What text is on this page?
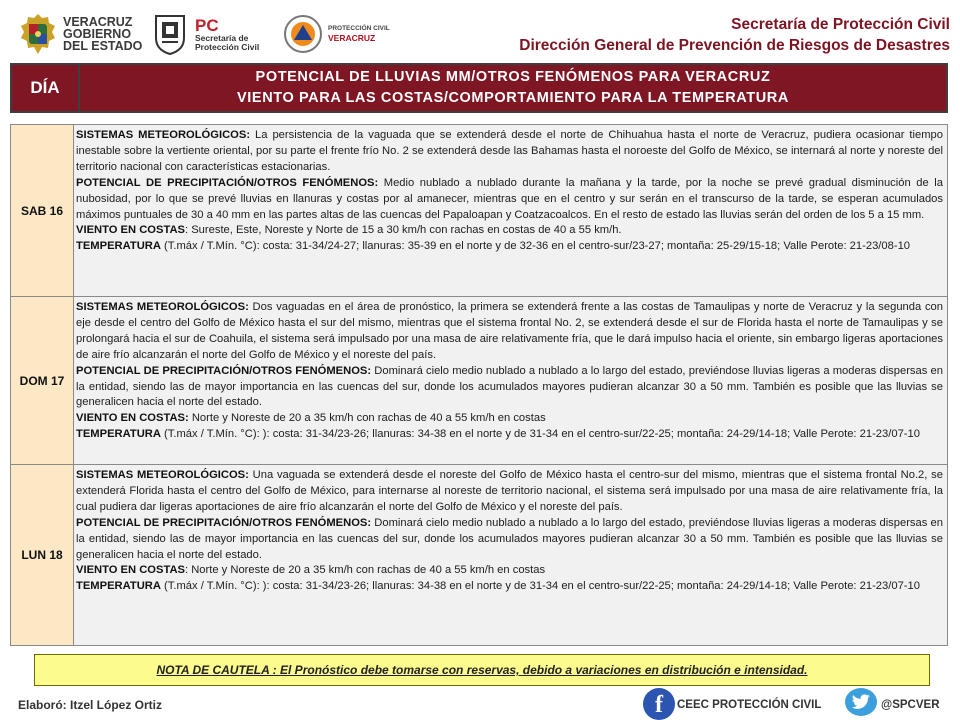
VERACRUZ
GOBIERNO
DEL ESTADO
PC
Secretaría de
Protección Civil
PROTECCIÓN CIVIL
VERACRUZ
Secretaría de Protección Civil
Dirección General de Prevención de Riesgos de Desastres
DÍA
POTENCIAL DE LLUVIAS MM/OTROS FENÓMENOS PARA VERACRUZ
VIENTO PARA LAS COSTAS/COMPORTAMIENTO PARA LA TEMPERATURA
SAB 16

SISTEMAS METEOROLÓGICOS: La persistencia de la vaguada que se extenderá desde el norte de Chihuahua hasta el norte de Veracruz, pudiera ocasionar tiempo inestable sobre la vertiente oriental, por su parte el frente frío No. 2 se extenderá desde las Bahamas hasta el noroeste del Golfo de México, se internará al norte y noreste del territorio nacional con características estacionarias.

POTENCIAL DE PRECIPITACIÓN/OTROS FENÓMENOS: Medio nublado a nublado durante la mañana y la tarde, por la noche se prevé gradual disminución de la nubosidad, por lo que se prevé lluvias en llanuras y costas por al amanecer, mientras que en el centro y sur serán en el transcurso de la tarde, se esperan acumulados máximos puntuales de 30 a 40 mm en las partes altas de las cuencas del Papaloapan y Coatzacoalcos. En el resto de estado las lluvias serán del orden de los 5 a 15 mm.

VIENTO EN COSTAS: Sureste, Este, Noreste y Norte de 15 a 30 km/h con rachas en costas de 40 a 55 km/h.

TEMPERATURA (T.máx / T.Mín. °C): costa: 31-34/24-27; llanuras: 35-39 en el norte y de 32-36 en el centro-sur/23-27; montaña: 25-29/15-18; Valle Perote: 21-23/08-10

DOM 17

SISTEMAS METEOROLÓGICOS: Dos vaguadas en el área de pronóstico, la primera se extenderá frente a las costas de Tamaulipas y norte de Veracruz y la segunda con eje desde el centro del Golfo de México hasta el sur del mismo, mientras que el sistema frontal No. 2, se extenderá desde el sur de Florida hasta el norte de Tamaulipas y se prolongará hacia el sur de Coahuila, el sistema será impulsado por una masa de aire relativamente fría, que le dará impulso hacia el oriente, sin embargo ligeras aportaciones de aire frío alcanzarán el norte del Golfo de México y el noreste del país.

POTENCIAL DE PRECIPITACIÓN/OTROS FENÓMENOS: Dominará cielo medio nublado a nublado a lo largo del estado, previéndose lluvias ligeras a moderas dispersas en la entidad, siendo las de mayor importancia en las cuencas del sur, donde los acumulados mayores pudieran alcanzar 30 a 50 mm. También es posible que las lluvias se generalicen hacia el norte del estado.

VIENTO EN COSTAS: Norte y Noreste de 20 a 35 km/h con rachas de 40 a 55 km/h en costas

TEMPERATURA (T.máx / T.Mín. °C): ): costa: 31-34/23-26; llanuras: 34-38 en el norte y de 31-34 en el centro-sur/22-25; montaña: 24-29/14-18; Valle Perote: 21-23/07-10

LUN 18

SISTEMAS METEOROLÓGICOS: Una vaguada se extenderá desde el noreste del Golfo de México hasta el centro-sur del mismo, mientras que el sistema frontal No.2, se extenderá Florida hasta el centro del Golfo de México, para internarse al noreste de territorio nacional, el sistema será impulsado por una masa de aire relativamente fría, la cual pudiera dar ligeras aportaciones de aire frío alcanzarán el norte del Golfo de México y el noreste del país.

POTENCIAL DE PRECIPITACIÓN/OTROS FENÓMENOS: Dominará cielo medio nublado a nublado a lo largo del estado, previéndose lluvias ligeras a moderas dispersas en la entidad, siendo las de mayor importancia en las cuencas del sur, donde los acumulados mayores pudieran alcanzar 30 a 50 mm. También es posible que las lluvias se generalicen hacia el norte del estado.

VIENTO EN COSTAS: Norte y Noreste de 20 a 35 km/h con rachas de 40 a 55 km/h en costas

TEMPERATURA (T.máx / T.Mín. °C): ): costa: 31-34/23-26; llanuras: 34-38 en el norte y de 31-34 en el centro-sur/22-25; montaña: 24-29/14-18; Valle Perote: 21-23/07-10

NOTA DE CAUTELA : El Pronóstico debe tomarse con reservas, debido a variaciones en distribución e intensidad.
Elaboró: Itzel López Ortiz	f	CEEC PROTECCIÓN CIVIL	@SPCVER
